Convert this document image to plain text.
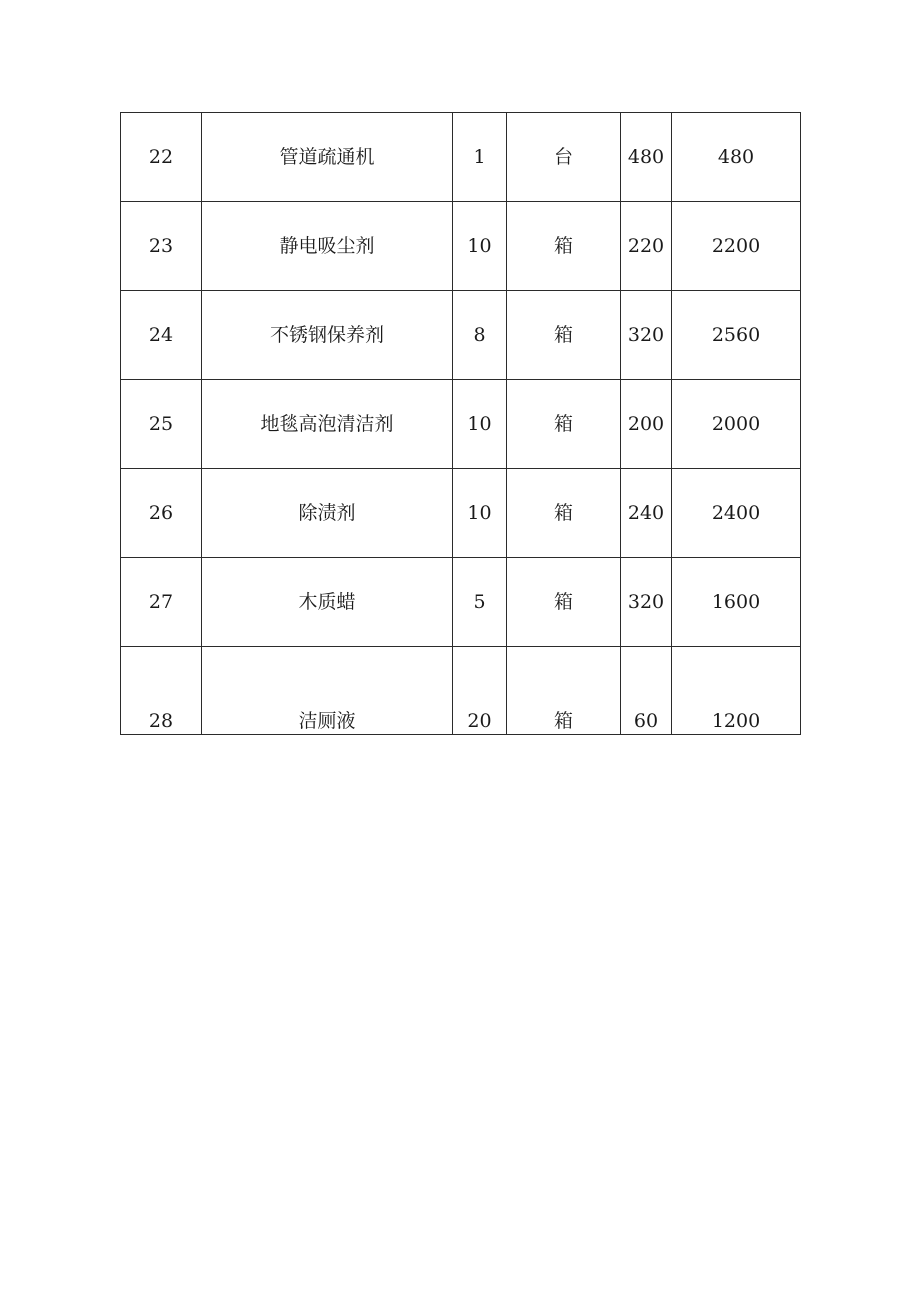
22	管道疏通机	1	台	480	480
23	静电吸尘剂	10	箱	220	2200
24	不锈钢保养剂	8	箱	320	2560
25	地毯高泡清洁剂	10	箱	200	2000
26	除渍剂	10	箱	240	2400
27	木质蜡	5	箱	320	1600
28	洁厕液	20	箱	60	1200
